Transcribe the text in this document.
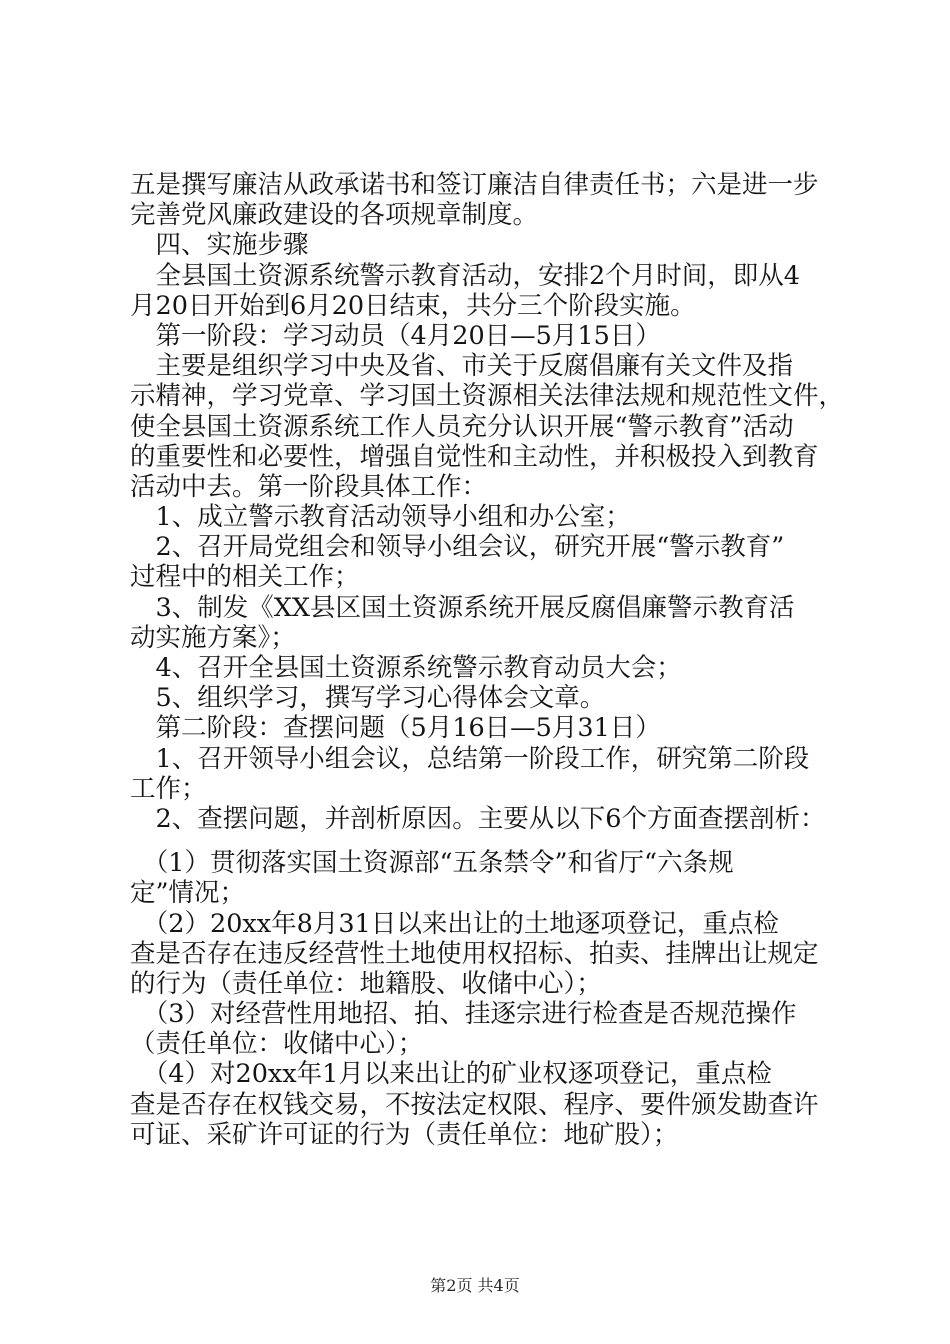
五是撰写廉洁从政承诺书和签订廉洁自律责任书；六是进一步
完善党风廉政建设的各项规章制度。
　四、实施步骤
　全县国土资源系统警示教育活动，安排2个月时间，即从4
月20日开始到6月20日结束，共分三个阶段实施。
　第一阶段：学习动员（4月20日—5月15日）
　主要是组织学习中央及省、市关于反腐倡廉有关文件及指
示精神，学习党章、学习国土资源相关法律法规和规范性文件，
使全县国土资源系统工作人员充分认识开展“警示教育”活动
的重要性和必要性，增强自觉性和主动性，并积极投入到教育
活动中去。第一阶段具体工作：
　1、成立警示教育活动领导小组和办公室；
　2、召开局党组会和领导小组会议，研究开展“警示教育”
过程中的相关工作；
　3、制发《XX县区国土资源系统开展反腐倡廉警示教育活
动实施方案》；
　4、召开全县国土资源系统警示教育动员大会；
　5、组织学习，撰写学习心得体会文章。
　第二阶段：查摆问题（5月16日—5月31日）
　1、召开领导小组会议，总结第一阶段工作，研究第二阶段
工作；
　2、查摆问题，并剖析原因。主要从以下6个方面查摆剖析：
　（1）贯彻落实国土资源部“五条禁令”和省厅“六条规
定”情况；
　（2）20xx年8月31日以来出让的土地逐项登记，重点检
查是否存在违反经营性土地使用权招标、拍卖、挂牌出让规定
的行为（责任单位：地籍股、收储中心）；
　（3）对经营性用地招、拍、挂逐宗进行检查是否规范操作
（责任单位：收储中心）；
　（4）对20xx年1月以来出让的矿业权逐项登记，重点检
查是否存在权钱交易，不按法定权限、程序、要件颁发勘查许
可证、采矿许可证的行为（责任单位：地矿股）；
第2页 共4页
